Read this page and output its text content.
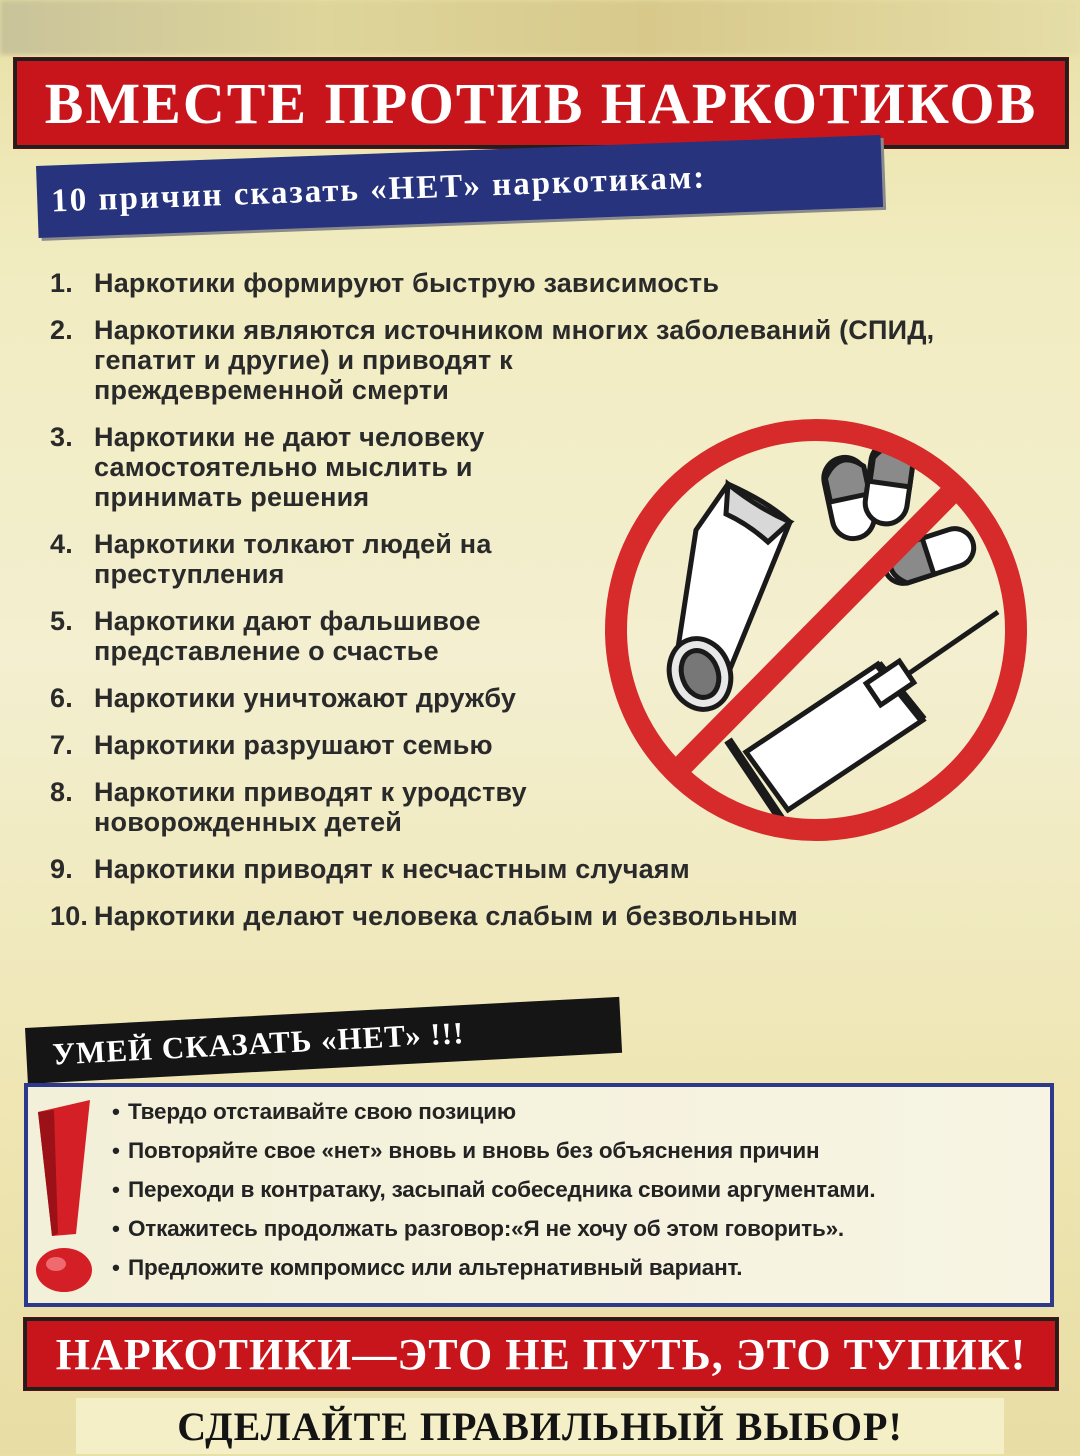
ВМЕСТЕ ПРОТИВ НАРКОТИКОВ
10 причин сказать «НЕТ» наркотикам:
1. Наркотики формируют быструю зависимость
2. Наркотики являются источником многих заболеваний (СПИД,
гепатит и другие) и приводят к
преждевременной смерти
3. Наркотики не дают человеку
самостоятельно мыслить и
принимать решения
4. Наркотики толкают людей на
преступления
5. Наркотики дают фальшивое
представление о счастье
6. Наркотики уничтожают дружбу
7. Наркотики разрушают семью
8. Наркотики приводят к уродству
новорожденных детей
9. Наркотики приводят к несчастным случаям
10. Наркотики делают человека слабым и безвольным
УМЕЙ СКАЗАТЬ «НЕТ» !!!
• Твердо отстаивайте свою позицию
• Повторяйте свое «нет» вновь и вновь без объяснения причин
• Переходи в контратаку, засыпай собеседника своими аргументами.
• Откажитесь продолжать разговор:«Я не хочу об этом говорить».
• Предложите компромисс или альтернативный вариант.
НАРКОТИКИ—ЭТО НЕ ПУТЬ, ЭТО ТУПИК!
СДЕЛАЙТЕ ПРАВИЛЬНЫЙ ВЫБОР!
